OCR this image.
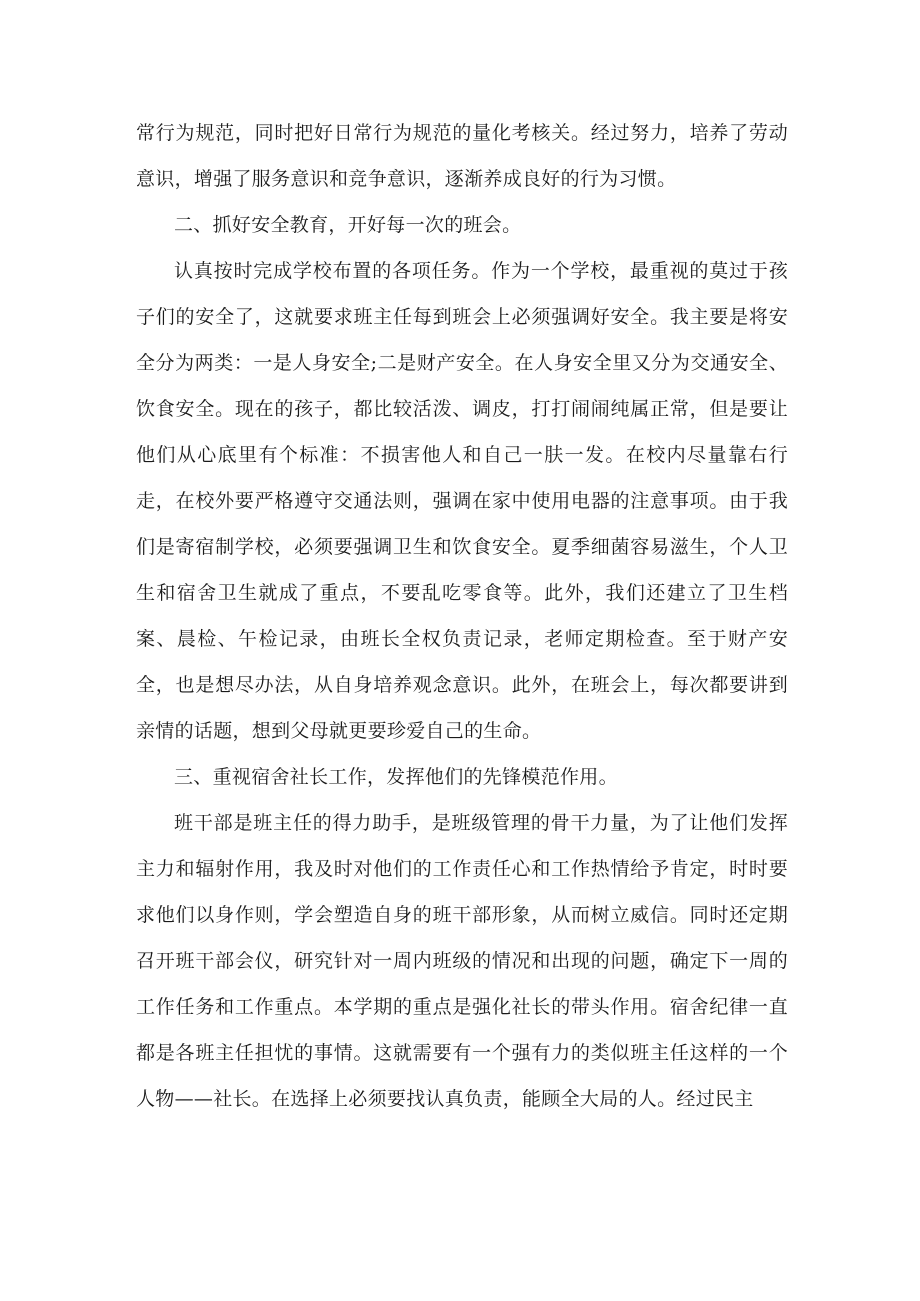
常行为规范，同时把好日常行为规范的量化考核关。经过努力，培养了劳动意识，增强了服务意识和竞争意识，逐渐养成良好的行为习惯。

二、抓好安全教育，开好每一次的班会。

认真按时完成学校布置的各项任务。作为一个学校，最重视的莫过于孩子们的安全了，这就要求班主任每到班会上必须强调好安全。我主要是将安全分为两类：一是人身安全;二是财产安全。在人身安全里又分为交通安全、饮食安全。现在的孩子，都比较活泼、调皮，打打闹闹纯属正常，但是要让他们从心底里有个标准：不损害他人和自己一肤一发。在校内尽量靠右行走，在校外要严格遵守交通法则，强调在家中使用电器的注意事项。由于我们是寄宿制学校，必须要强调卫生和饮食安全。夏季细菌容易滋生，个人卫生和宿舍卫生就成了重点，不要乱吃零食等。此外，我们还建立了卫生档案、晨检、午检记录，由班长全权负责记录，老师定期检查。至于财产安全，也是想尽办法，从自身培养观念意识。此外，在班会上，每次都要讲到亲情的话题，想到父母就更要珍爱自己的生命。

三、重视宿舍社长工作，发挥他们的先锋模范作用。

班干部是班主任的得力助手，是班级管理的骨干力量，为了让他们发挥主力和辐射作用，我及时对他们的工作责任心和工作热情给予肯定，时时要求他们以身作则，学会塑造自身的班干部形象，从而树立威信。同时还定期召开班干部会仪，研究针对一周内班级的情况和出现的问题，确定下一周的工作任务和工作重点。本学期的重点是强化社长的带头作用。宿舍纪律一直都是各班主任担忧的事情。这就需要有一个强有力的类似班主任这样的一个人物——社长。在选择上必须要找认真负责，能顾全大局的人。经过民主
